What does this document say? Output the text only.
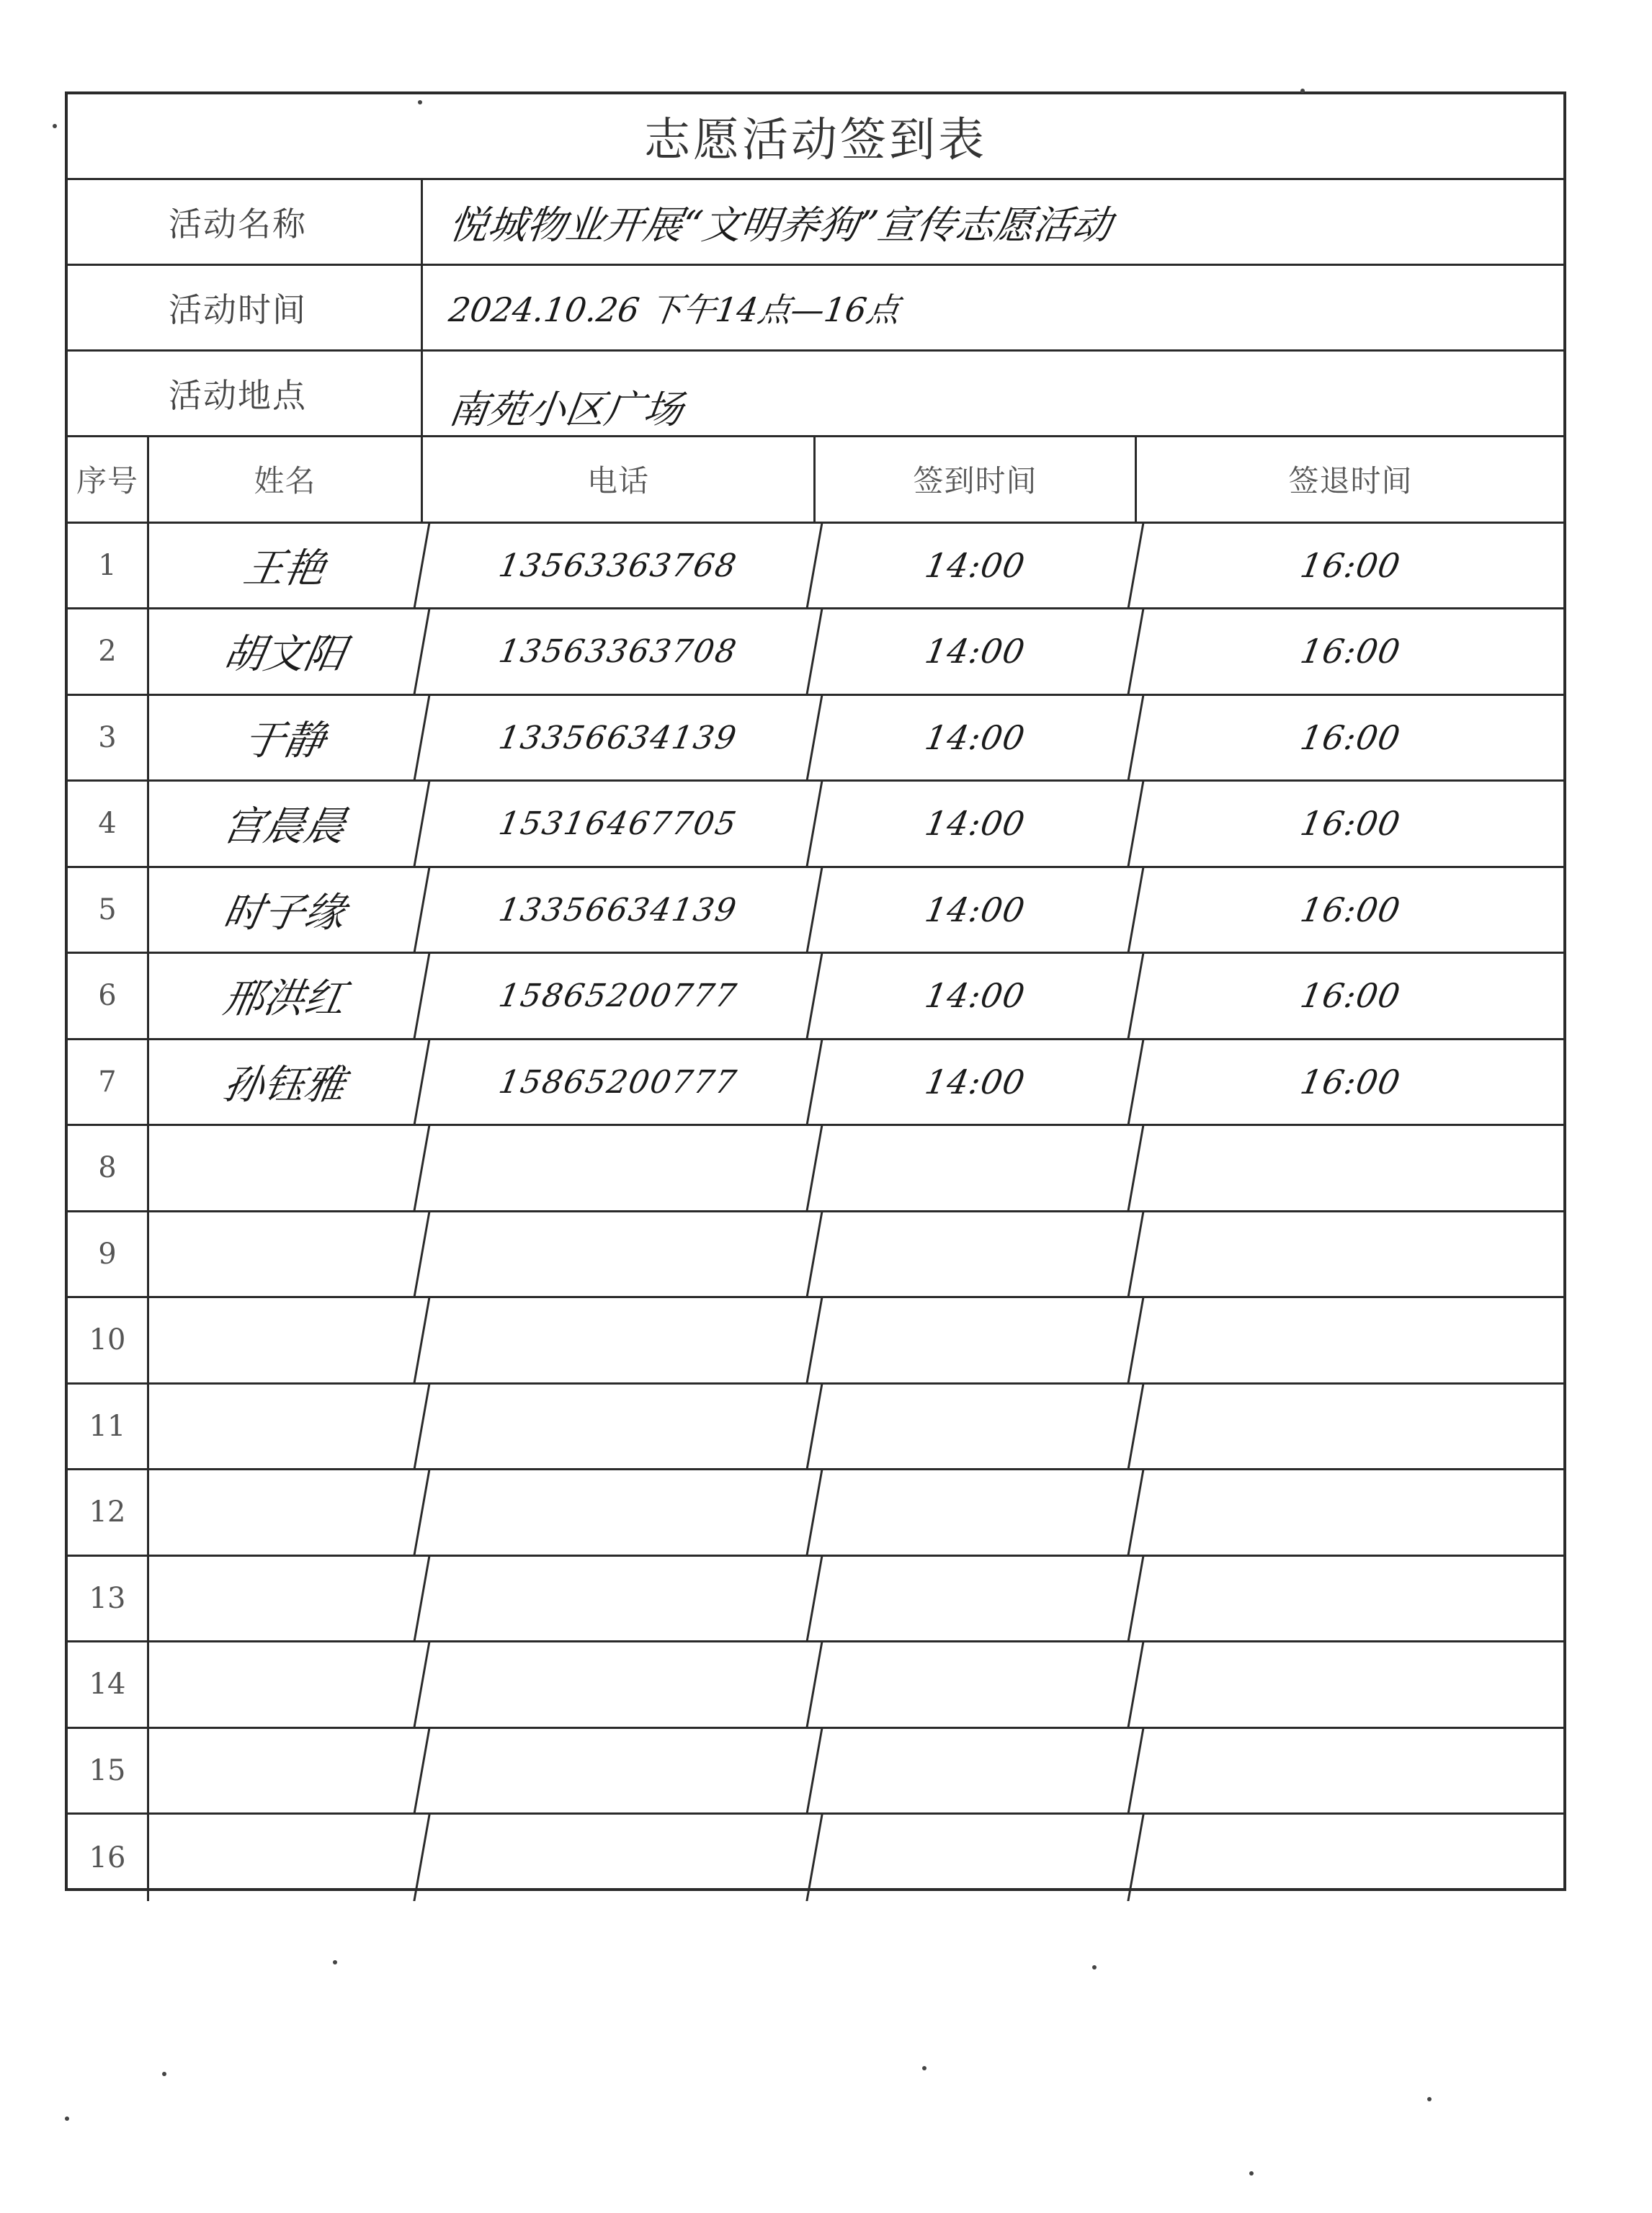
志愿活动签到表
活动名称	悦城物业开展“文明养狗”宣传志愿活动
活动时间	2024.10.26 下午14点—16点
活动地点	南苑小区广场
序号	姓名	电话	签到时间	签退时间
1	王艳	13563363768	14:00	16:00
2	胡文阳	13563363708	14:00	16:00
3	于静	13356634139	14:00	16:00
4	宫晨晨	15316467705	14:00	16:00
5	时子缘	13356634139	14:00	16:00
6	邢洪红	15865200777	14:00	16:00
7	孙钰雅	15865200777	14:00	16:00
8
9
10
11
12
13
14
15
16
